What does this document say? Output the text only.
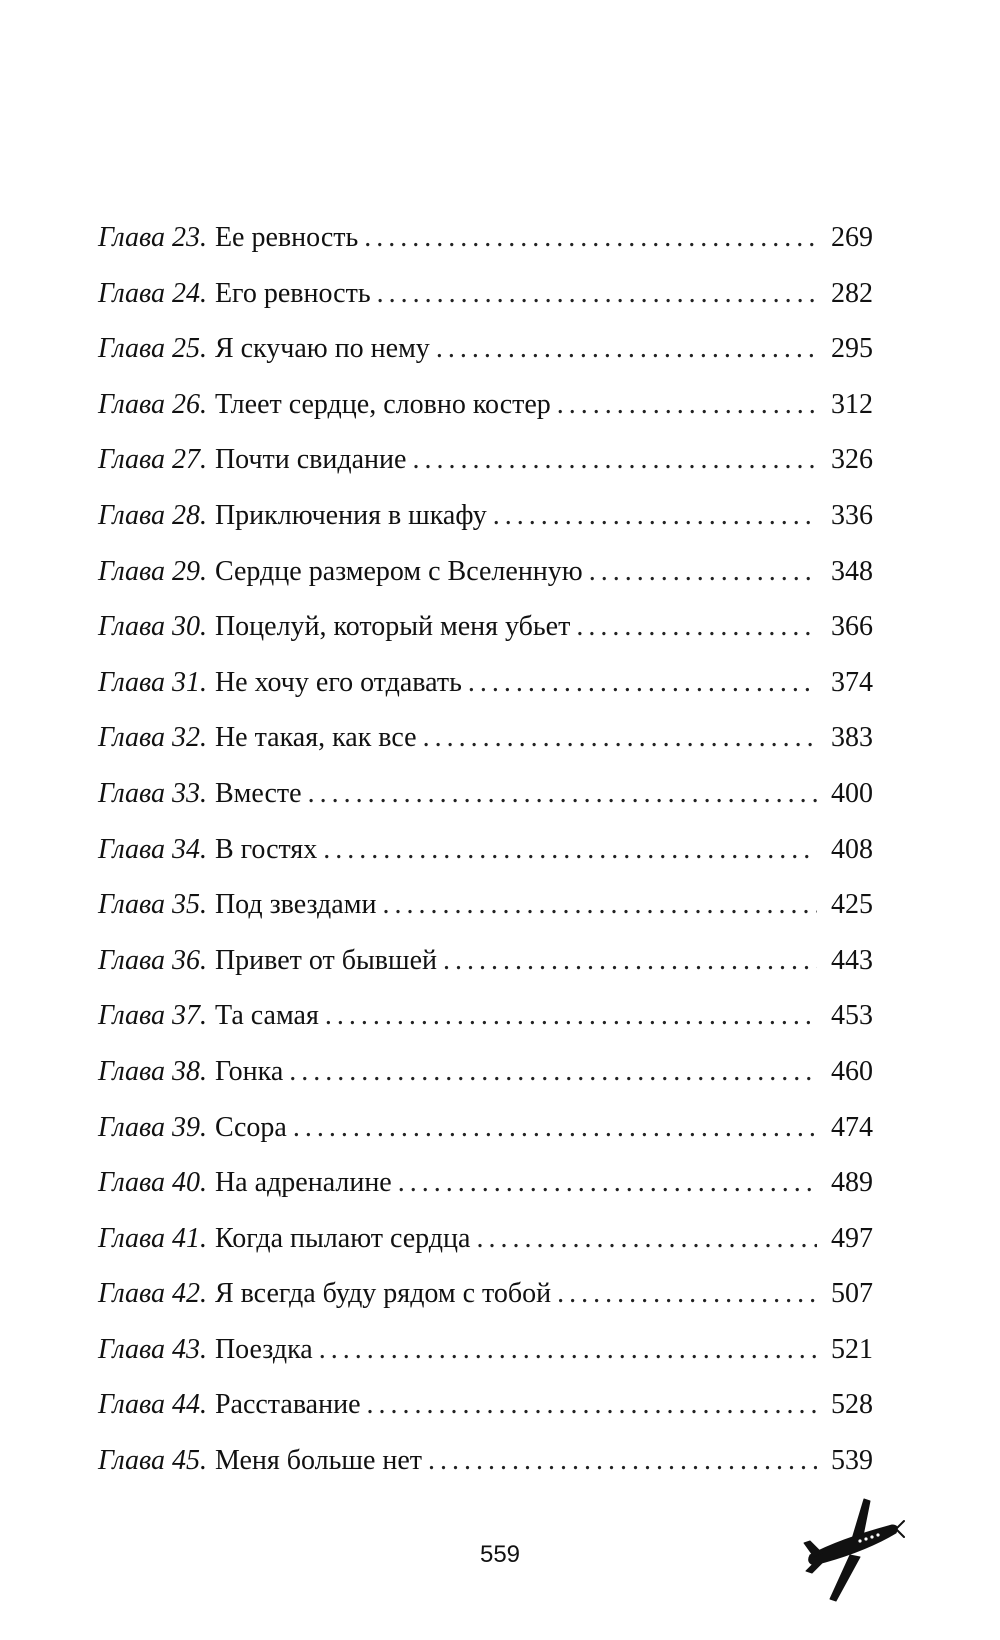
Глава 23. Ее ревность . . .	269
Глава 24. Его ревность . . .	282
Глава 25. Я скучаю по нему . . .	295
Глава 26. Тлеет сердце, словно костер . . .	312
Глава 27. Почти свидание . . .	326
Глава 28. Приключения в шкафу . . .	336
Глава 29. Сердце размером с Вселенную . . .	348
Глава 30. Поцелуй, который меня убьет . . .	366
Глава 31. Не хочу его отдавать . . .	374
Глава 32. Не такая, как все . . .	383
Глава 33. Вместе . . .	400
Глава 34. В гостях . . .	408
Глава 35. Под звездами . . .	425
Глава 36. Привет от бывшей . . .	443
Глава 37. Та самая . . .	453
Глава 38. Гонка . . .	460
Глава 39. Ссора . . .	474
Глава 40. На адреналине . . .	489
Глава 41. Когда пылают сердца . . .	497
Глава 42. Я всегда буду рядом с тобой . . .	507
Глава 43. Поездка . . .	521
Глава 44. Расставание . . .	528
Глава 45. Меня больше нет . . .	539
559
